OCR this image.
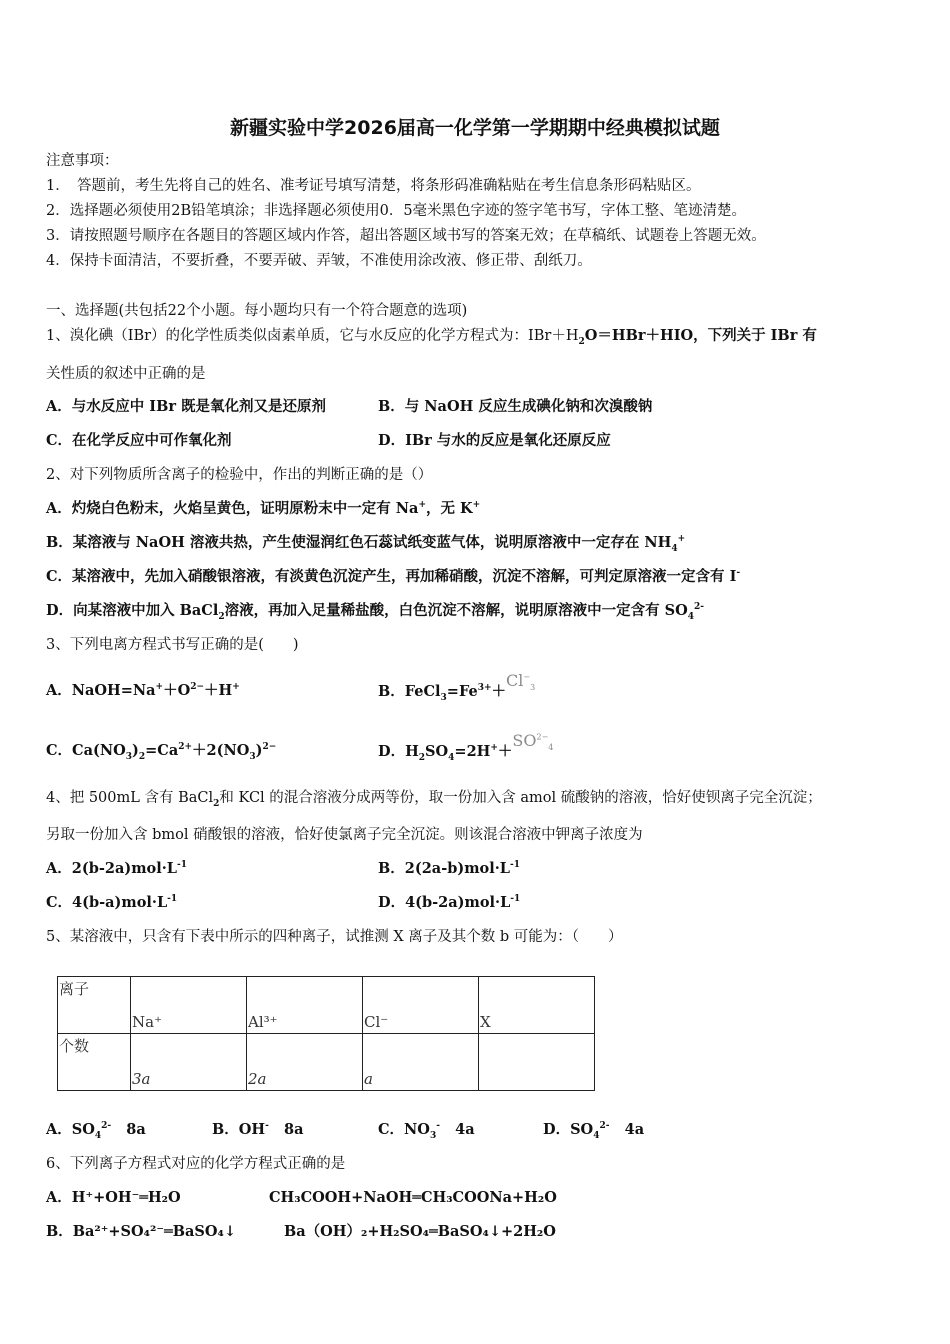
新疆实验中学2026届高一化学第一学期期中经典模拟试题
注意事项：
1．　答题前，考生先将自己的姓名、准考证号填写清楚，将条形码准确粘贴在考生信息条形码粘贴区。
2．选择题必须使用2B铅笔填涂；非选择题必须使用0．5毫米黑色字迹的签字笔书写，字体工整、笔迹清楚。
3．请按照题号顺序在各题目的答题区域内作答，超出答题区域书写的答案无效；在草稿纸、试题卷上答题无效。
4．保持卡面清洁，不要折叠，不要弄破、弄皱，不准使用涂改液、修正带、刮纸刀。
一、选择题(共包括22个小题。每小题均只有一个符合题意的选项)
1、溴化碘（IBr）的化学性质类似卤素单质，它与水反应的化学方程式为：$IBr+H_2O=HBr+HIO$，下列关于 IBr 有
关性质的叙述中正确的是
A．与水反应中 IBr 既是氧化剂又是还原剂	B．与 NaOH 反应生成碘化钠和次溴酸钠
C．在化学反应中可作氧化剂	D．IBr 与水的反应是氧化还原反应
2、对下列物质所含离子的检验中，作出的判断正确的是（）
A．灼烧白色粉末，火焰呈黄色，证明原粉末中一定有 Na+，无 K+
B．某溶液与 NaOH 溶液共热，产生使湿润红色石蕊试纸变蓝气体，说明原溶液中一定存在 $NH_4^+$
C．某溶液中，先加入硝酸银溶液，有淡黄色沉淀产生，再加稀硝酸，沉淀不溶解，可判定原溶液一定含有 I-
D．向某溶液中加入 BaCl$_2$溶液，再加入足量稀盐酸，白色沉淀不溶解，说明原溶液中一定含有 $SO_4^{2-}$
3、下列电离方程式书写正确的是(　　)
A．$NaOH=Na^++O^{2-}+H^+$	B．$FeCl_3=Fe^{3+}+Cl^-_3$
C．$Ca(NO_3)_2=Ca^{2+}+2(NO_3)^{2-}$	D．$H_2SO_4=2H^++SO^{2-}_4$
4、把 500mL 含有 BaCl$_2$和 KCl 的混合溶液分成两等份，取一份加入含 amol 硫酸钠的溶液，恰好使钡离子完全沉淀；
另取一份加入含 bmol 硝酸银的溶液，恰好使氯离子完全沉淀。则该混合溶液中钾离子浓度为
A．$2(b-2a)mol\cdot L^{-1}$	B．$2(2a-b)mol\cdot L^{-1}$
C．$4(b-a)mol\cdot L^{-1}$	D．$4(b-2a)mol\cdot L^{-1}$
5、某溶液中，只含有下表中所示的四种离子，试推测 X 离子及其个数 b 可能为：（　　）
离子	Na⁺	Al³⁺	Cl⁻	X

个数	3a	2a	a	

A．$SO_4^{2-}$ 8a	B．OH- 8a	C．$NO_3^-$ 4a	D．$SO_4^{2-}$ 4a
6、下列离子方程式对应的化学方程式正确的是
A．H⁺+OH⁻═H₂O	CH₃COOH+NaOH═CH₃COONa+H₂O
B．Ba²⁺+SO₄²⁻═BaSO₄↓	Ba（OH）₂+H₂SO₄═BaSO₄↓+2H₂O
